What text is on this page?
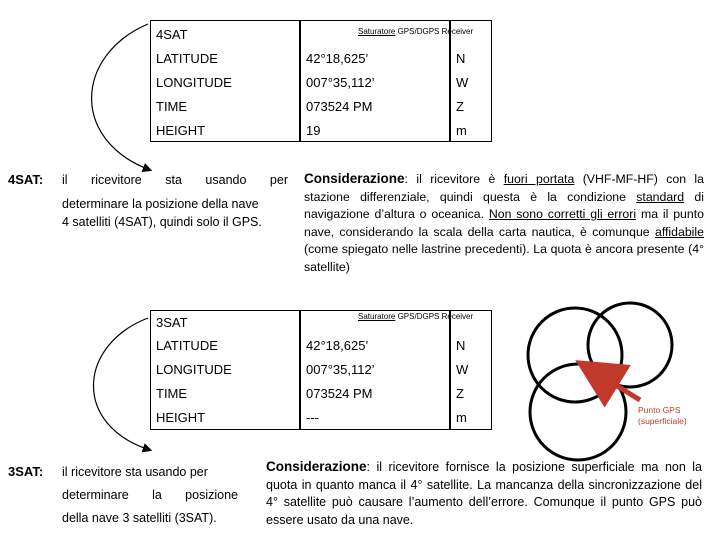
Saturatore GPS/DGPS Receiver
4SAT
LATITUDE	42°18,625’	N
LONGITUDE	007°35,112’	W
TIME	073524 PM	Z
HEIGHT	19	m
4SAT: il ricevitore sta usando per
determinare la posizione della nave
4 satelliti (4SAT), quindi solo il GPS.
Considerazione: il ricevitore è fuori portata (VHF-MF-HF) con la stazione differenziale, quindi questa è la condizione standard di navigazione d’altura o oceanica. Non sono corretti gli errori ma il punto nave, considerando la scala della carta nautica, è comunque affidabile (come spiegato nelle lastrine precedenti). La quota è ancora presente (4° satellite)
Saturatore GPS/DGPS Receiver
3SAT
LATITUDE	42°18,625’	N
LONGITUDE	007°35,112’	W
TIME	073524 PM	Z
HEIGHT	---	m	Punto GPS
(superficiale)
3SAT: il ricevitore sta usando per
determinare la posizione
della nave 3 satelliti (3SAT).
Considerazione: il ricevitore fornisce la posizione superficiale ma non la quota in quanto manca il 4° satellite. La mancanza della sincronizzazione del 4° satellite può causare l’aumento dell’errore. Comunque il punto GPS può essere usato da una nave.
